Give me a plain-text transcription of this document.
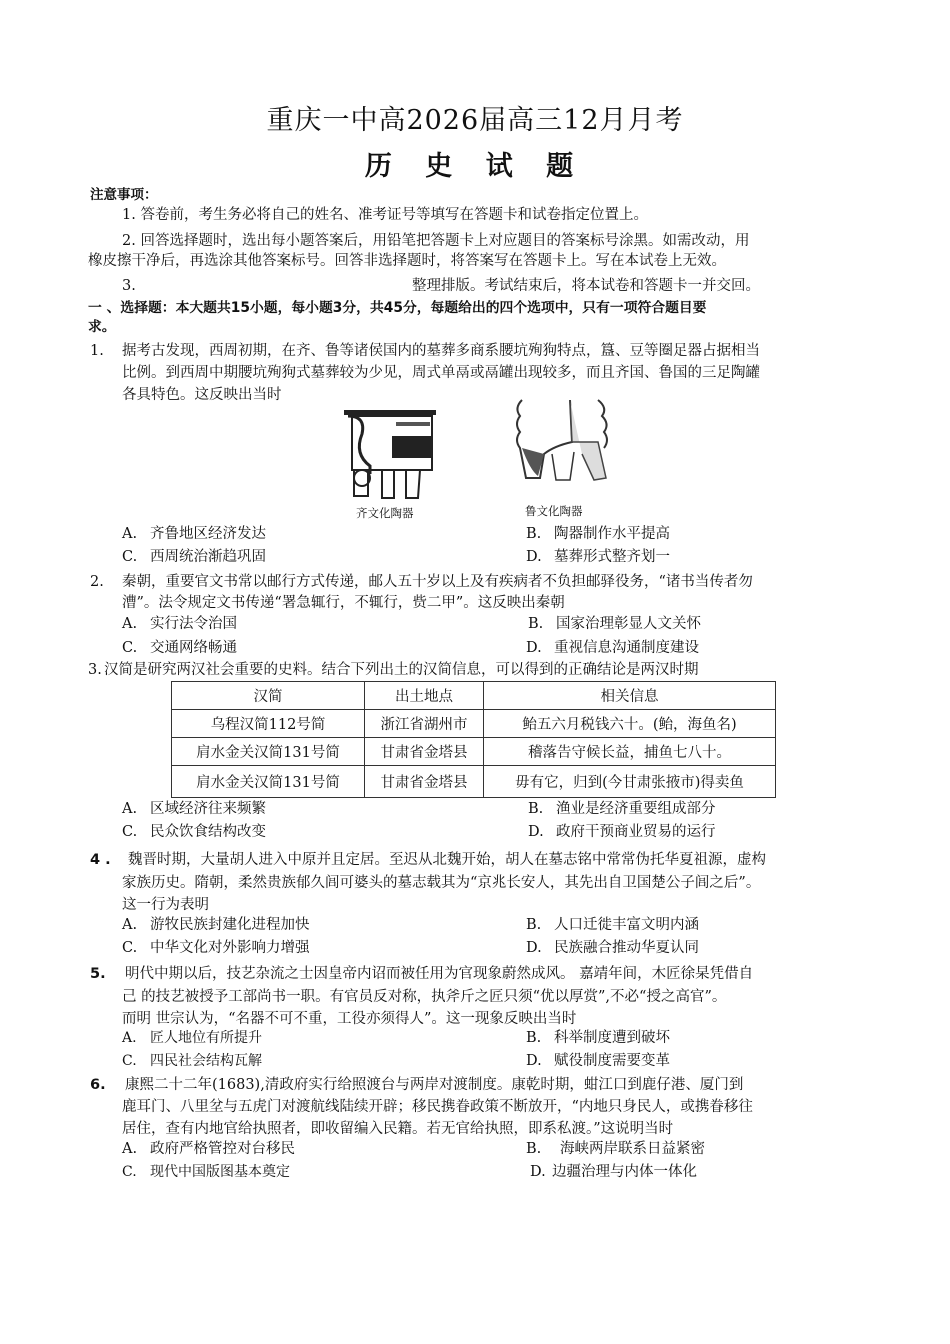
重庆一中高2026届高三12月月考
历 史 试 题
注意事项：
1. 答卷前，考生务必将自己的姓名、准考证号等填写在答题卡和试卷指定位置上。
2. 回答选择题时，选出每小题答案后，用铅笔把答题卡上对应题目的答案标号涂黑。如需改动，用
橡皮擦干净后，再选涂其他答案标号。回答非选择题时，将答案写在答题卡上。写在本试卷上无效。
3.	整理排版。考试结束后，将本试卷和答题卡一并交回。
一 、选择题：本大题共15小题，每小题3分，共45分，每题给出的四个选项中，只有一项符合题目要
求。
1. 据考古发现，西周初期，在齐、鲁等诸侯国内的墓葬多商系腰坑殉狗特点，簋、豆等圈足器占据相当
比例。到西周中期腰坑殉狗式墓葬较为少见，周式单鬲或鬲罐出现较多，而且齐国、鲁国的三足陶罐
各具特色。这反映出当时
齐文化陶器	鲁文化陶器
A. 齐鲁地区经济发达	B. 陶器制作水平提高
C. 西周统治渐趋巩固	D. 墓葬形式整齐划一
2. 秦朝，重要官文书常以邮行方式传递，邮人五十岁以上及有疾病者不负担邮驿役务，“诸书当传者勿
漕”。法令规定文书传递“署急辄行，不辄行，赀二甲”。这反映出秦朝
A. 实行法令治国	B. 国家治理彰显人文关怀
C. 交通网络畅通	D. 重视信息沟通制度建设
3. 汉简是研究两汉社会重要的史料。结合下列出土的汉简信息，可以得到的正确结论是两汉时期
汉简	出土地点	相关信息
乌程汉简112号简	浙江省湖州市	鲐五六月税钱六十。(鲐，海鱼名)
肩水金关汉简131号简	甘肃省金塔县	稽落告守候长益，捕鱼七八十。
肩水金关汉简131号简	甘肃省金塔县	毋有它，归到(今甘肃张掖市)得卖鱼
A. 区域经济往来频繁	B. 渔业是经济重要组成部分
C. 民众饮食结构改变	D. 政府干预商业贸易的运行
4 . 魏晋时期，大量胡人进入中原并且定居。至迟从北魏开始，胡人在墓志铭中常常伪托华夏祖源，虚构
家族历史。隋朝，柔然贵族郁久闾可婆头的墓志载其为“京兆长安人，其先出自卫国楚公子闾之后”。
这一行为表明
A. 游牧民族封建化进程加快	B. 人口迁徙丰富文明内涵
C. 中华文化对外影响力增强	D. 民族融合推动华夏认同
5. 明代中期以后，技艺杂流之士因皇帝内诏而被任用为官现象蔚然成风。 嘉靖年间，木匠徐杲凭借自
己 的技艺被授予工部尚书一职。有官员反对称，执斧斤之匠只须“优以厚赏”,不必“授之高官”。
而明 世宗认为，“名器不可不重，工役亦须得人”。这一现象反映出当时
A. 匠人地位有所提升	B. 科举制度遭到破坏
C. 四民社会结构瓦解	D. 赋役制度需要变革
6. 康熙二十二年(1683),清政府实行给照渡台与两岸对渡制度。康乾时期，蚶江口到鹿仔港、厦门到
鹿耳门、八里坌与五虎门对渡航线陆续开辟；移民携眷政策不断放开，“内地只身民人，或携眷移往
居住，查有内地官给执照者，即收留编入民籍。若无官给执照，即系私渡。”这说明当时
A. 政府严格管控对台移民	B. 海峡两岸联系日益紧密
C. 现代中国版图基本奠定	D. 边疆治理与内体一体化
